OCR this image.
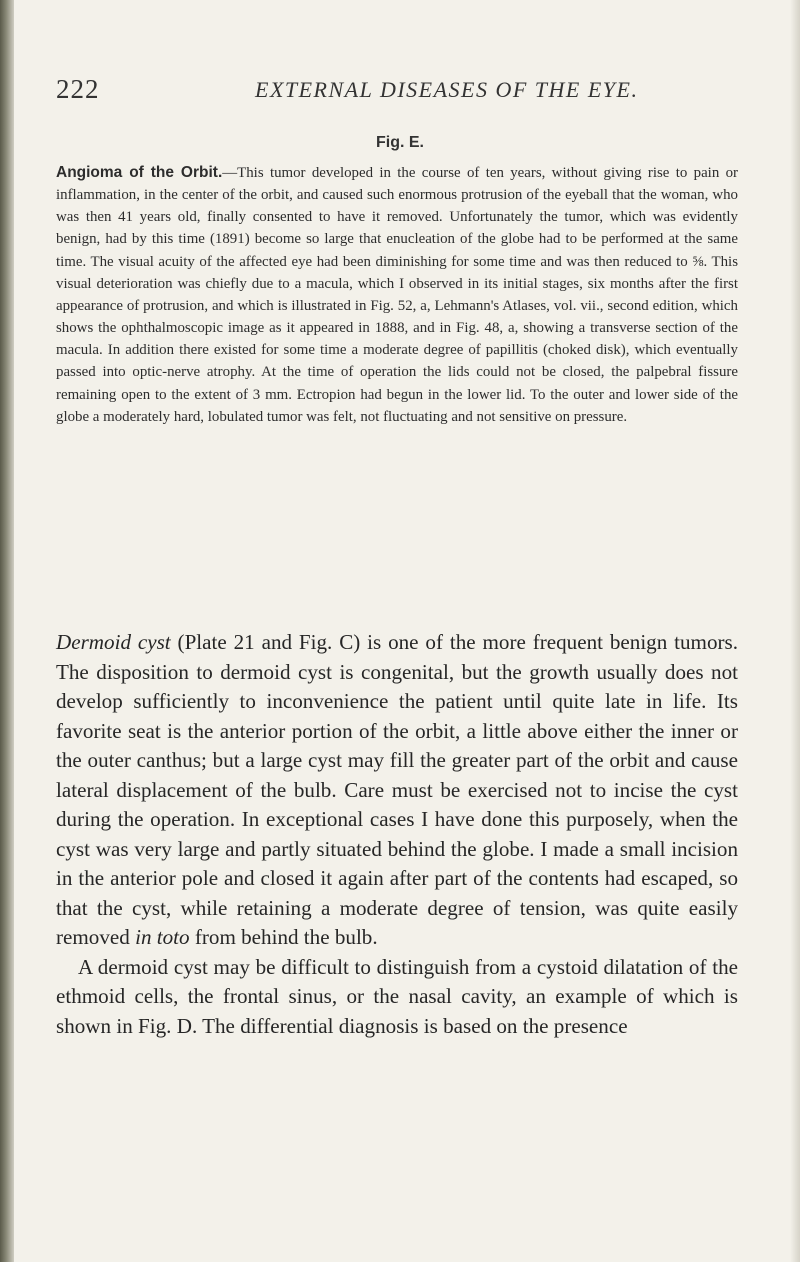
222	EXTERNAL DISEASES OF THE EYE.
Fig. E.

Angioma of the Orbit.—This tumor developed in the course of ten years, without giving rise to pain or inflammation, in the center of the orbit, and caused such enormous protrusion of the eyeball that the woman, who was then 41 years old, finally consented to have it removed. Unfortunately the tumor, which was evidently benign, had by this time (1891) become so large that enucleation of the globe had to be performed at the same time. The visual acuity of the affected eye had been diminishing for some time and was then reduced to ⅝. This visual deterioration was chiefly due to a macula, which I observed in its initial stages, six months after the first appearance of protrusion, and which is illustrated in Fig. 52, a, Lehmann's Atlases, vol. vii., second edition, which shows the ophthalmoscopic image as it appeared in 1888, and in Fig. 48, a, showing a transverse section of the macula. In addition there existed for some time a moderate degree of papillitis (choked disk), which eventually passed into optic-nerve atrophy. At the time of operation the lids could not be closed, the palpebral fissure remaining open to the extent of 3 mm. Ectropion had begun in the lower lid. To the outer and lower side of the globe a moderately hard, lobulated tumor was felt, not fluctuating and not sensitive on pressure.

Dermoid cyst (Plate 21 and Fig. C) is one of the more frequent benign tumors. The disposition to dermoid cyst is congenital, but the growth usually does not develop sufficiently to inconvenience the patient until quite late in life. Its favorite seat is the anterior portion of the orbit, a little above either the inner or the outer canthus; but a large cyst may fill the greater part of the orbit and cause lateral displacement of the bulb. Care must be exercised not to incise the cyst during the operation. In exceptional cases I have done this purposely, when the cyst was very large and partly situated behind the globe. I made a small incision in the anterior pole and closed it again after part of the contents had escaped, so that the cyst, while retaining a moderate degree of tension, was quite easily removed in toto from behind the bulb.

A dermoid cyst may be difficult to distinguish from a cystoid dilatation of the ethmoid cells, the frontal sinus, or the nasal cavity, an example of which is shown in Fig. D. The differential diagnosis is based on the presence
